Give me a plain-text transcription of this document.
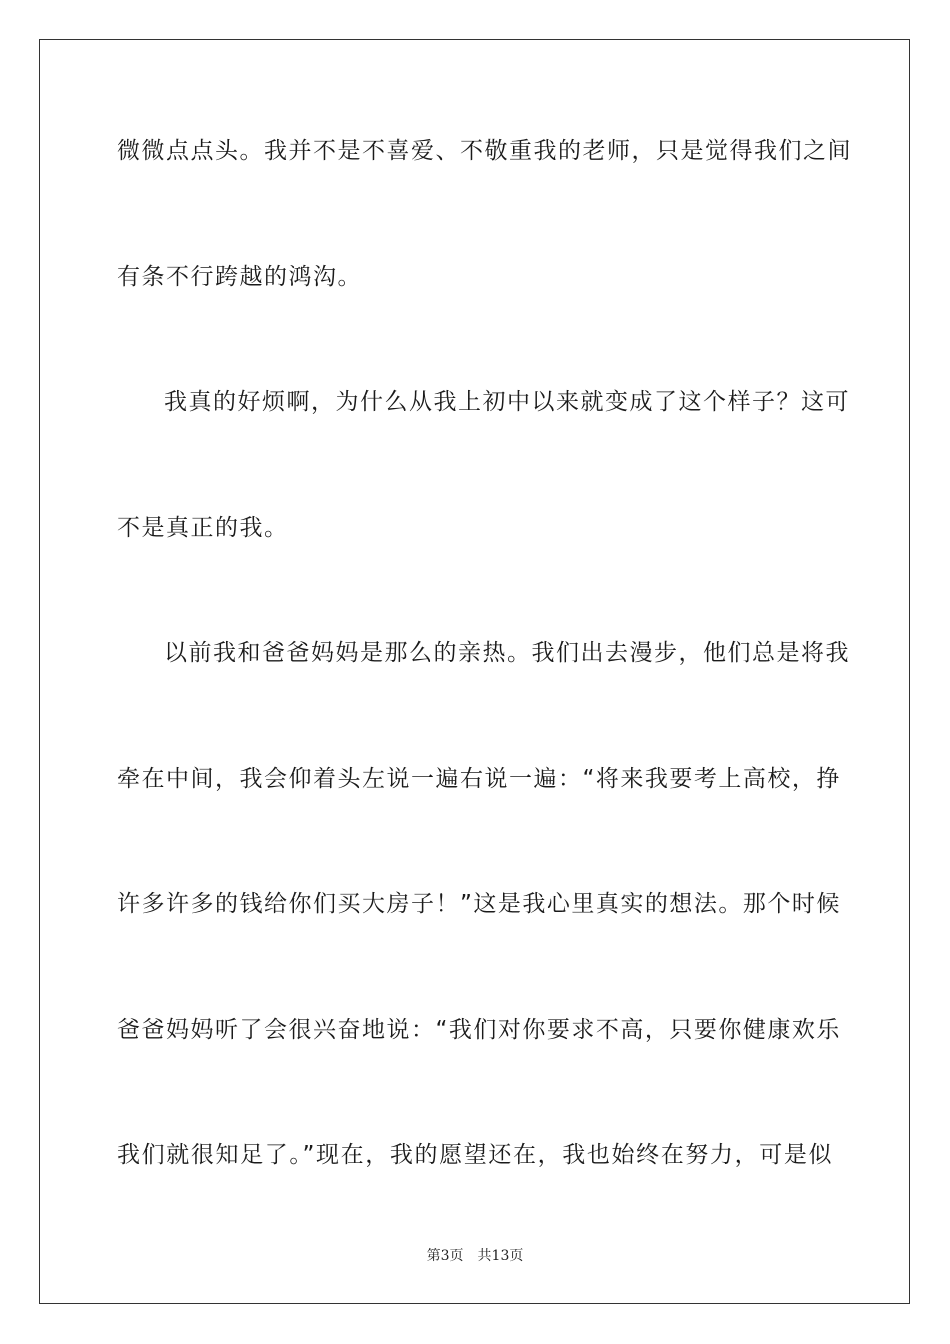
微微点点头。我并不是不喜爱、不敬重我的老师，只是觉得我们之间
有条不行跨越的鸿沟。
我真的好烦啊，为什么从我上初中以来就变成了这个样子？这可
不是真正的我。
以前我和爸爸妈妈是那么的亲热。我们出去漫步，他们总是将我
牵在中间，我会仰着头左说一遍右说一遍：“将来我要考上高校，挣
许多许多的钱给你们买大房子！”这是我心里真实的想法。那个时候
爸爸妈妈听了会很兴奋地说：“我们对你要求不高，只要你健康欢乐
我们就很知足了。”现在，我的愿望还在，我也始终在努力，可是似
第3页　共13页
